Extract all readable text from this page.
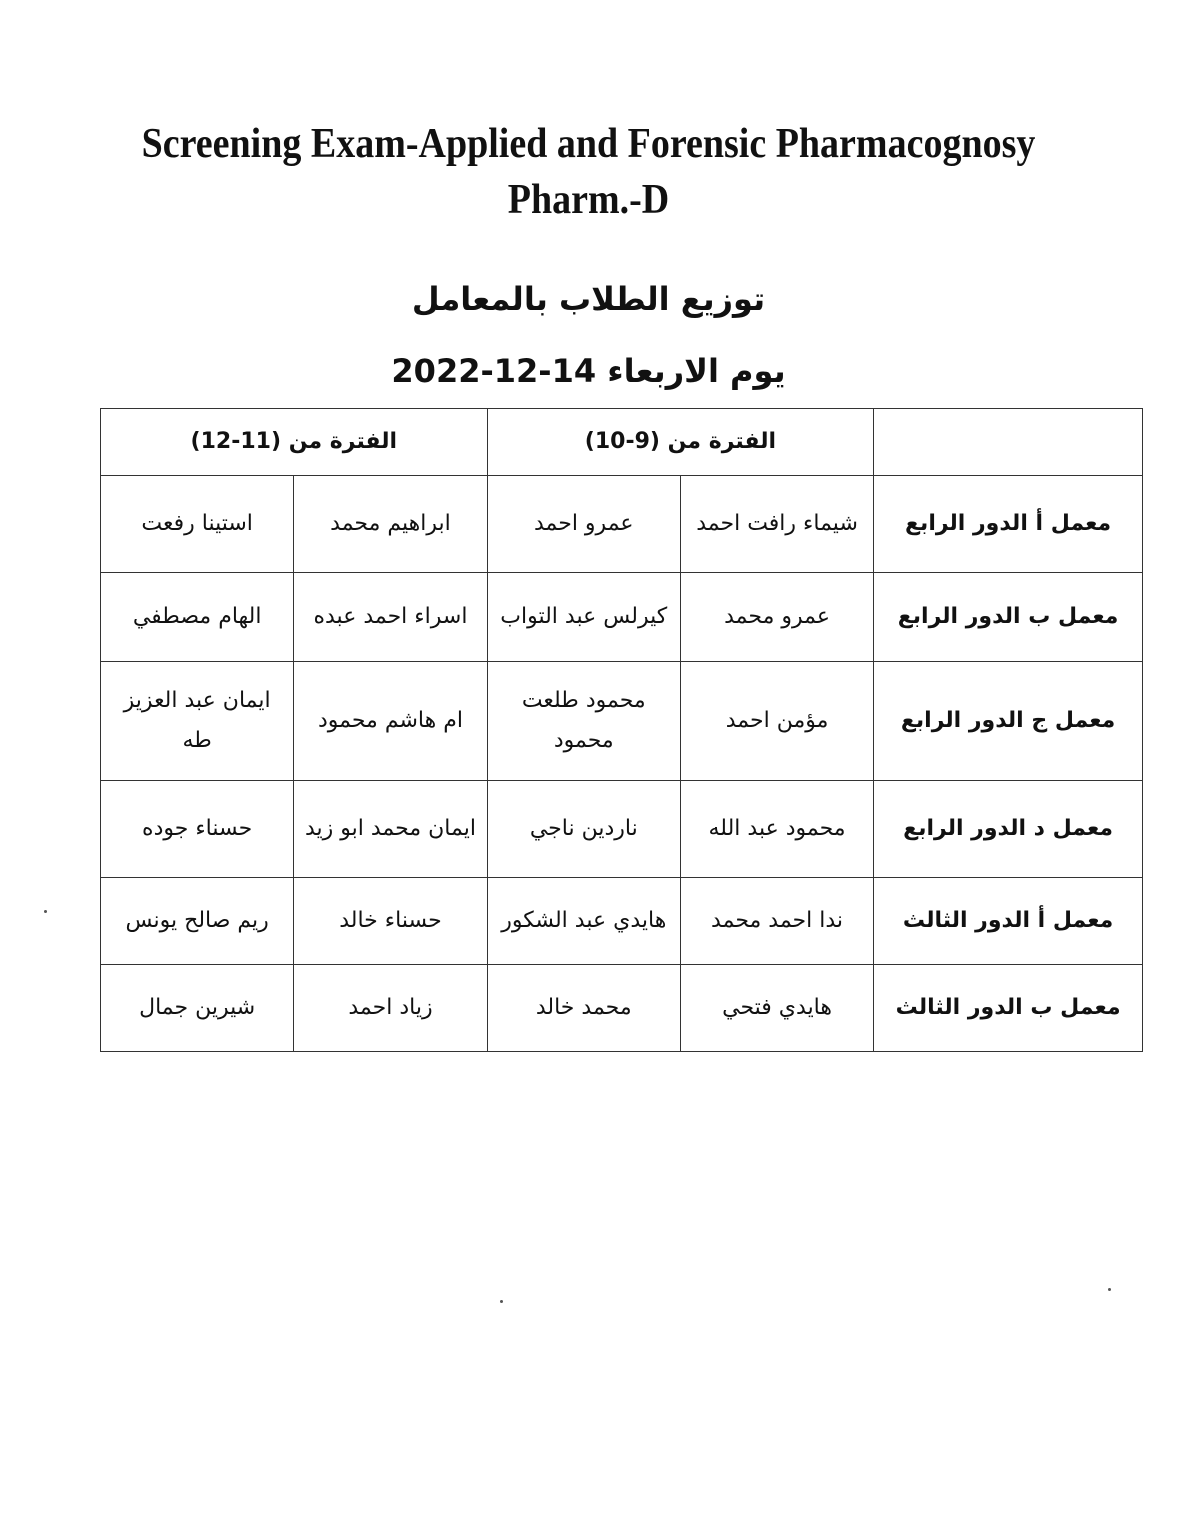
Screening Exam-Applied and Forensic Pharmacognosy
Pharm.-D
توزيع الطلاب بالمعامل
يوم الاربعاء 14-12-2022
	الفترة من (9-10)		الفترة من (11-12)	
معمل أ الدور الرابع	شيماء رافت احمد	عمرو احمد	ابراهيم محمد	استينا رفعت
معمل ب الدور الرابع	عمرو محمد	كيرلس عبد التواب	اسراء احمد عبده	الهام مصطفي
معمل ج الدور الرابع	مؤمن احمد	محمود طلعت محمود	ام هاشم محمود	ايمان عبد العزيز طه
معمل د الدور الرابع	محمود عبد الله	ناردين ناجي	ايمان محمد ابو زيد	حسناء جوده
معمل أ الدور الثالث	ندا احمد محمد	هايدي عبد الشكور	حسناء خالد	ريم صالح يونس
معمل ب الدور الثالث	هايدي فتحي	محمد خالد	زياد احمد	شيرين جمال
